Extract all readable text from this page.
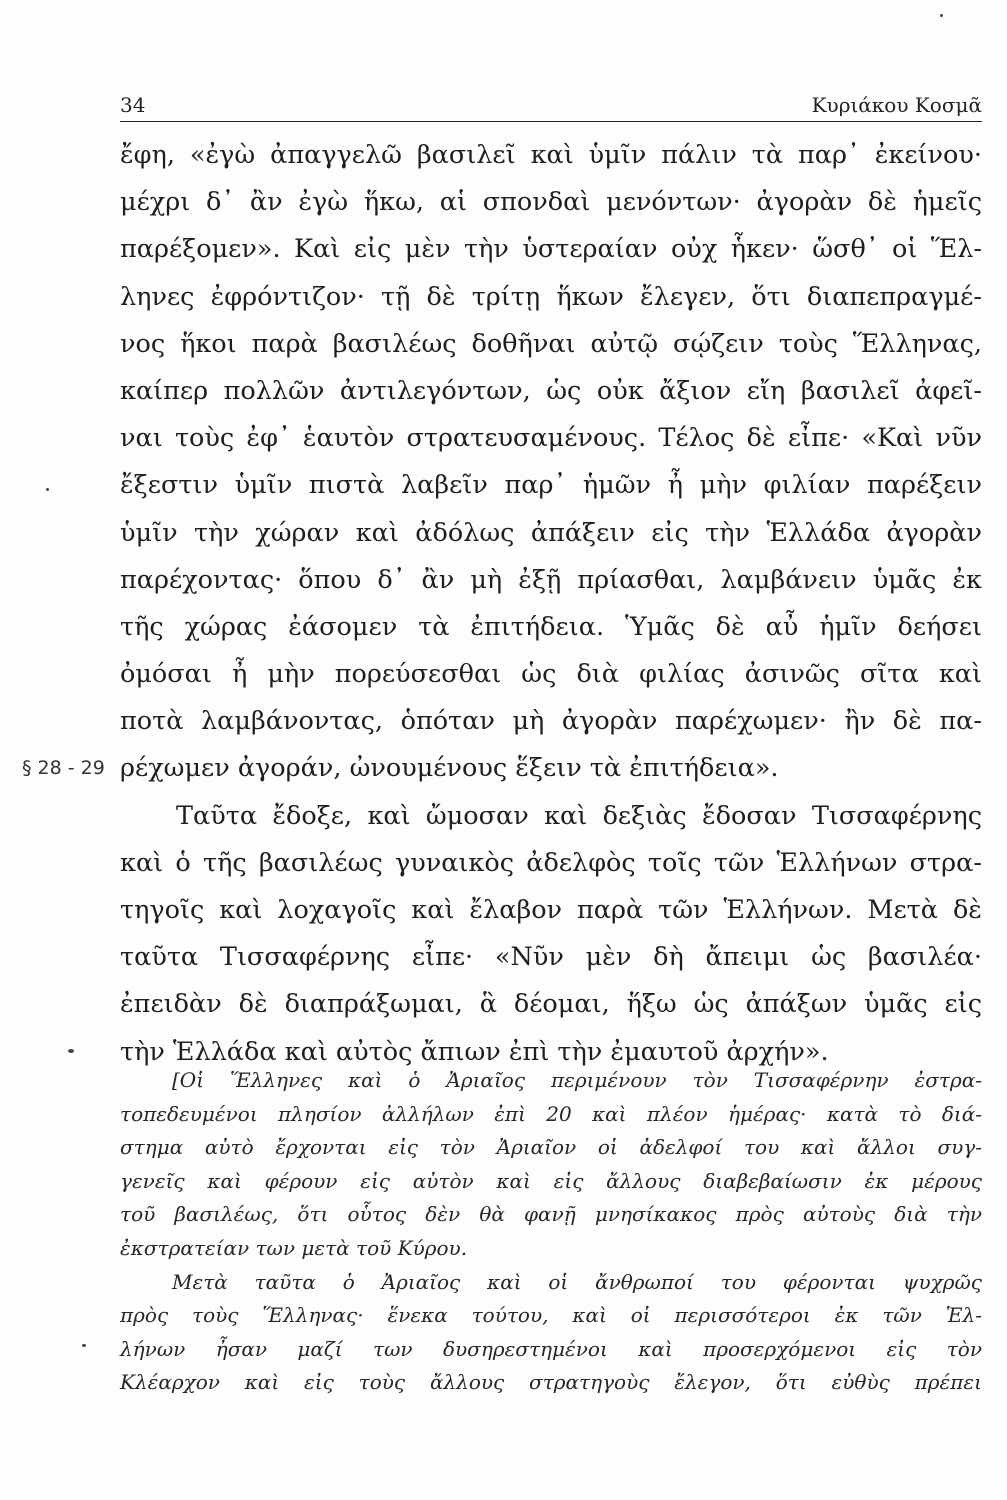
34	Κυριάκου Κοσμᾶ
§ 28 - 29
ἔφη, «ἐγὼ ἀπαγγελῶ βασιλεῖ καὶ ὑμῖν πάλιν τὰ παρ᾽ ἐκείνου·
μέχρι δ᾽ ἂν ἐγὼ ἥκω, αἱ σπονδαὶ μενόντων· ἀγορὰν δὲ ἡμεῖς
παρέξομεν». Καὶ εἰς μὲν τὴν ὑστεραίαν οὐχ ἧκεν· ὥσθ᾽ οἱ Ἕλ-
ληνες ἐφρόντιζον· τῇ δὲ τρίτῃ ἥκων ἔλεγεν, ὅτι διαπεπραγμέ-
νος ἥκοι παρὰ βασιλέως δοθῆναι αὐτῷ σῴζειν τοὺς Ἕλληνας,
καίπερ πολλῶν ἀντιλεγόντων, ὡς οὐκ ἄξιον εἴη βασιλεῖ ἀφεῖ-
ναι τοὺς ἐφ᾽ ἑαυτὸν στρατευσαμένους. Τέλος δὲ εἶπε· «Καὶ νῦν
ἔξεστιν ὑμῖν πιστὰ λαβεῖν παρ᾽ ἡμῶν ἦ μὴν φιλίαν παρέξειν
ὑμῖν τὴν χώραν καὶ ἀδόλως ἀπάξειν εἰς τὴν Ἑλλάδα ἀγορὰν
παρέχοντας· ὅπου δ᾽ ἂν μὴ ἐξῇ πρίασθαι, λαμβάνειν ὑμᾶς ἐκ
τῆς χώρας ἐάσομεν τὰ ἐπιτήδεια. Ὑμᾶς δὲ αὖ ἡμῖν δεήσει
ὀμόσαι ἦ μὴν πορεύσεσθαι ὡς διὰ φιλίας ἀσινῶς σῖτα καὶ
ποτὰ λαμβάνοντας, ὁπόταν μὴ ἀγορὰν παρέχωμεν· ἢν δὲ πα-
ρέχωμεν ἀγοράν, ὠνουμένους ἕξειν τὰ ἐπιτήδεια».
Ταῦτα ἔδοξε, καὶ ὤμοσαν καὶ δεξιὰς ἔδοσαν Τισσαφέρνης
καὶ ὁ τῆς βασιλέως γυναικὸς ἀδελφὸς τοῖς τῶν Ἑλλήνων στρα-
τηγοῖς καὶ λοχαγοῖς καὶ ἔλαβον παρὰ τῶν Ἑλλήνων. Μετὰ δὲ
ταῦτα Τισσαφέρνης εἶπε· «Νῦν μὲν δὴ ἄπειμι ὡς βασιλέα·
ἐπειδὰν δὲ διαπράξωμαι, ἃ δέομαι, ἥξω ὡς ἀπάξων ὑμᾶς εἰς
τὴν Ἑλλάδα καὶ αὐτὸς ἄπιων ἐπὶ τὴν ἐμαυτοῦ ἀρχήν».
[Οἱ Ἕλληνες καὶ ὁ Ἀριαῖος περιμένουν τὸν Τισσαφέρνην ἐστρα-
τοπεδευμένοι πλησίον ἀλλήλων ἐπὶ 20 καὶ πλέον ἡμέρας· κατὰ τὸ διά-
στημα αὐτὸ ἔρχονται εἰς τὸν Ἀριαῖον οἱ ἀδελφοί του καὶ ἄλλοι συγ-
γενεῖς καὶ φέρουν εἰς αὐτὸν καὶ εἰς ἄλλους διαβεβαίωσιν ἐκ μέρους
τοῦ βασιλέως, ὅτι οὗτος δὲν θὰ φανῇ μνησίκακος πρὸς αὐτοὺς διὰ τὴν
ἐκστρατείαν των μετὰ τοῦ Κύρου.
Μετὰ ταῦτα ὁ Ἀριαῖος καὶ οἱ ἄνθρωποί του φέρονται ψυχρῶς
πρὸς τοὺς Ἕλληνας· ἕνεκα τούτου, καὶ οἱ περισσότεροι ἐκ τῶν Ἑλ-
λήνων ἦσαν μαζί των δυσηρεστημένοι καὶ προσερχόμενοι εἰς τὸν
Κλέαρχον καὶ εἰς τοὺς ἄλλους στρατηγοὺς ἔλεγον, ὅτι εὐθὺς πρέπει
